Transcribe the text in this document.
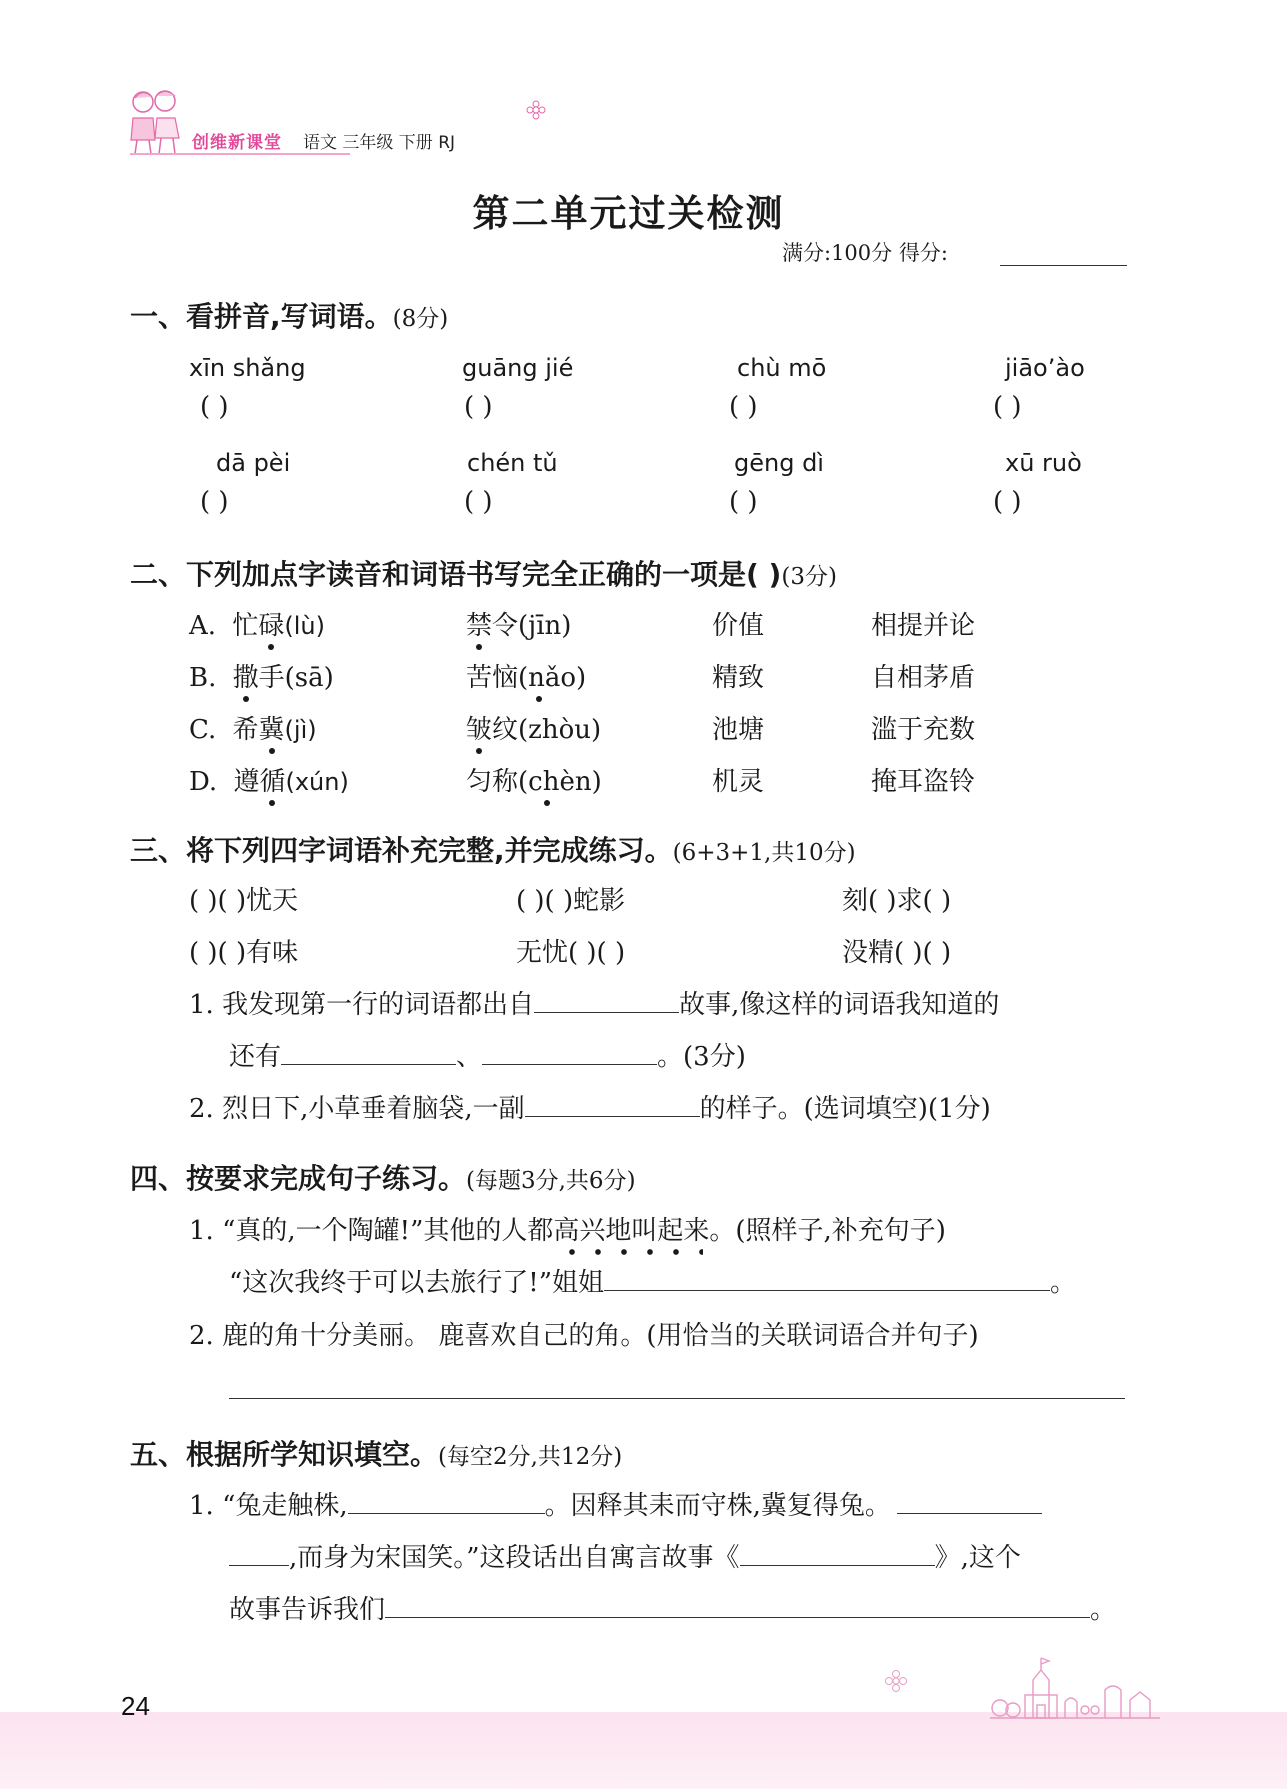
创维新课堂 语文 三年级 下册 RJ
第二单元过关检测
满分:100分 得分:
一、看拼音,写词语。(8分)
xīn shǎng	guāng jié	chù mō	jiāo’ào
( )	( )	( )	( )
dā pèi	chén tǔ	gēng dì	xū ruò
( )	( )	( )	( )
二、下列加点字读音和词语书写完全正确的一项是( )(3分)
A. 忙碌(lù)	禁令(jīn)	价值	相提并论
B. 撒手(sā)	苦恼(nǎo)	精致	自相茅盾
C. 希冀(jì)	皱纹(zhòu)	池塘	滥于充数
D. 遵循(xún)	匀称(chèn)	机灵	掩耳盗铃
三、将下列四字词语补充完整,并完成练习。(6+3+1,共10分)
( )( )忧天	( )( )蛇影	刻( )求( )
( )( )有味	无忧( )( )	没精( )( )
1. 我发现第一行的词语都出自	故事,像这样的词语我知道的
还有	、	。(3分)
2. 烈日下,小草垂着脑袋,一副	的样子。(选词填空)(1分)
四、按要求完成句子练习。(每题3分,共6分)
1. “真的,一个陶罐!”其他的人都高兴地叫起来
。(照样子,补充句子)
“这次我终于可以去旅行了!”姐姐	。
2. 鹿的角十分美丽。 鹿喜欢自己的角。(用恰当的关联词语合并句子)
五、根据所学知识填空。(每空2分,共12分)
1. “兔走触株,	。因释其耒而守株,冀复得兔。
,而身为宋国笑。”这段话出自寓言故事《	》,这个
故事告诉我们	。
24
